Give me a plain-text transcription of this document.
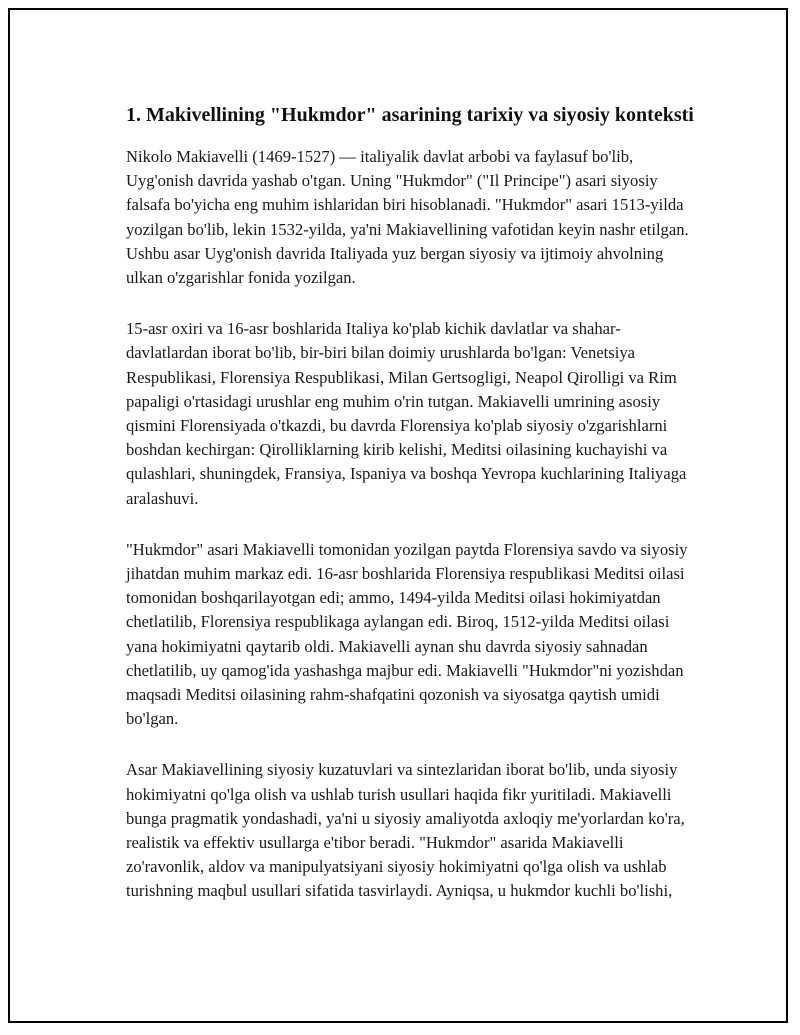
1. Makivellining "Hukmdor" asarining tarixiy va siyosiy konteksti

Nikolo Makiavelli (1469-1527) — italiyalik davlat arbobi va faylasuf bo'lib, Uyg'onish davrida yashab o'tgan. Uning "Hukmdor" ("Il Principe") asari siyosiy falsafa bo'yicha eng muhim ishlaridan biri hisoblanadi. "Hukmdor" asari 1513-yilda yozilgan bo'lib, lekin 1532-yilda, ya'ni Makiavellining vafotidan keyin nashr etilgan. Ushbu asar Uyg'onish davrida Italiyada yuz bergan siyosiy va ijtimoiy ahvolning ulkan o'zgarishlar fonida yozilgan.

15-asr oxiri va 16-asr boshlarida Italiya ko'plab kichik davlatlar va shahar-davlatlardan iborat bo'lib, bir-biri bilan doimiy urushlarda bo'lgan: Venetsiya Respublikasi, Florensiya Respublikasi, Milan Gertsogligi, Neapol Qirolligi va Rim papaligi o'rtasidagi urushlar eng muhim o'rin tutgan. Makiavelli umrining asosiy qismini Florensiyada o'tkazdi, bu davrda Florensiya ko'plab siyosiy o'zgarishlarni boshdan kechirgan: Qirolliklarning kirib kelishi, Meditsi oilasining kuchayishi va qulashlari, shuningdek, Fransiya, Ispaniya va boshqa Yevropa kuchlarining Italiyaga aralashuvi.

"Hukmdor" asari Makiavelli tomonidan yozilgan paytda Florensiya savdo va siyosiy jihatdan muhim markaz edi. 16-asr boshlarida Florensiya respublikasi Meditsi oilasi tomonidan boshqarilayotgan edi; ammo, 1494-yilda Meditsi oilasi hokimiyatdan chetlatilib, Florensiya respublikaga aylangan edi. Biroq, 1512-yilda Meditsi oilasi yana hokimiyatni qaytarib oldi. Makiavelli aynan shu davrda siyosiy sahnadan chetlatilib, uy qamog'ida yashashga majbur edi. Makiavelli "Hukmdor"ni yozishdan maqsadi Meditsi oilasining rahm-shafqatini qozonish va siyosatga qaytish umidi bo'lgan.

Asar Makiavellining siyosiy kuzatuvlari va sintezlaridan iborat bo'lib, unda siyosiy hokimiyatni qo'lga olish va ushlab turish usullari haqida fikr yuritiladi. Makiavelli bunga pragmatik yondashadi, ya'ni u siyosiy amaliyotda axloqiy me'yorlardan ko'ra, realistik va effektiv usullarga e'tibor beradi. "Hukmdor" asarida Makiavelli zo'ravonlik, aldov va manipulyatsiyani siyosiy hokimiyatni qo'lga olish va ushlab turishning maqbul usullari sifatida tasvirlaydi. Ayniqsa, u hukmdor kuchli bo'lishi,
